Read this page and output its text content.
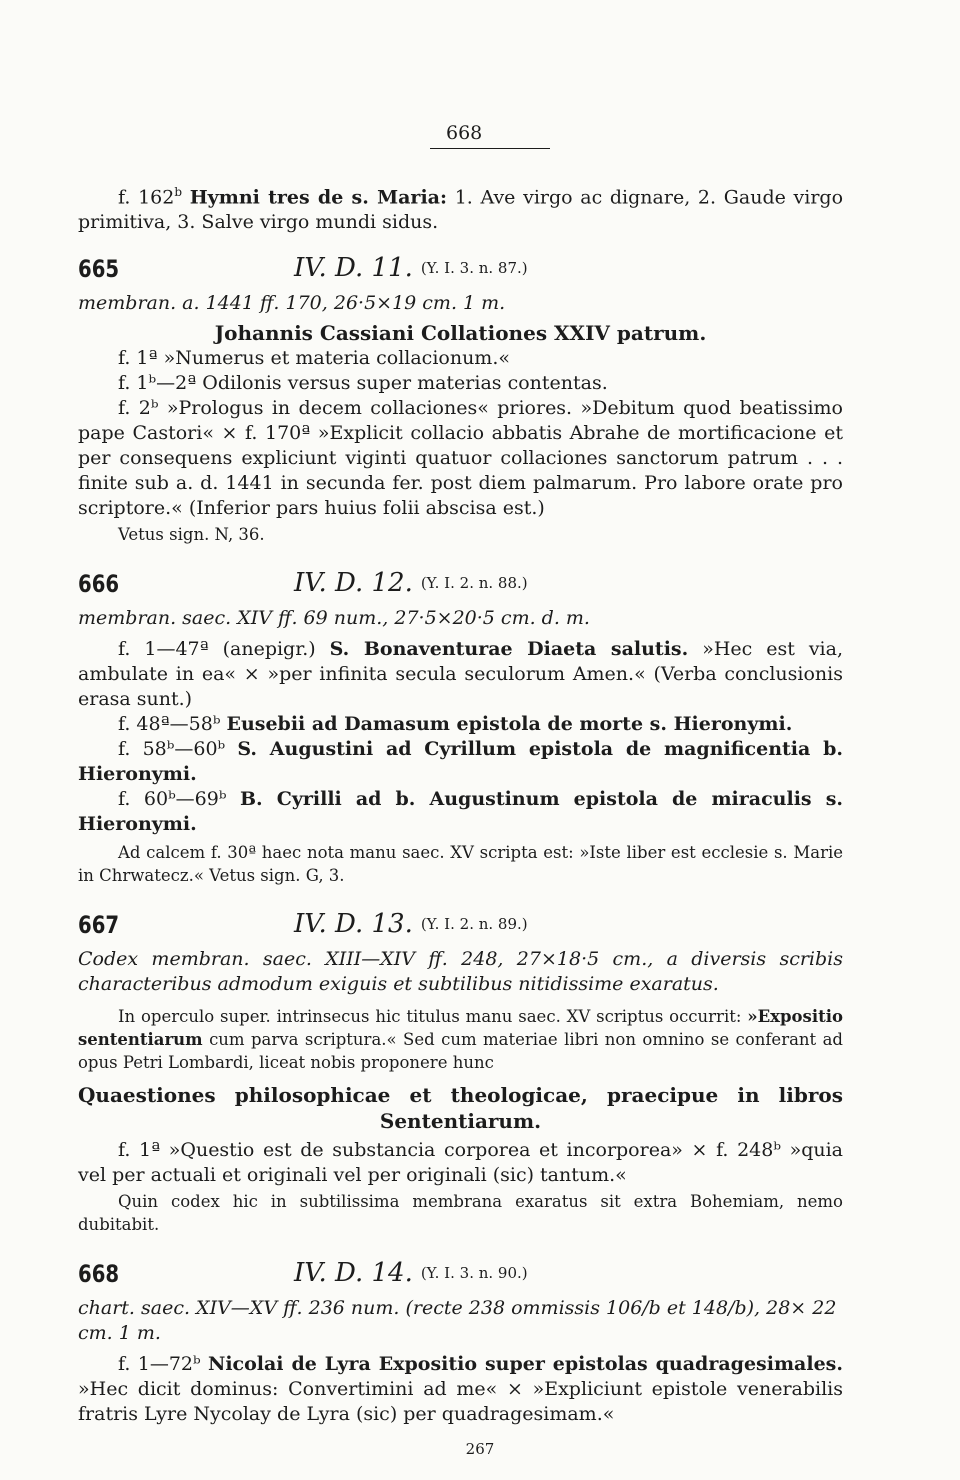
668

f. 162$^b$ Hymni tres de s. Maria: 1. Ave virgo ac dignare, 2. Gaude virgo primitiva, 3. Salve virgo mundi sidus.

665	IV. D. 11. (Y. I. 3. n. 87.)

membran. a. 1441 ff. 170, 26·5×19 cm. 1 m.

Johannis Cassiani Collationes XXIV patrum.

f. 1ª »Numerus et materia collacionum.«

f. 1ᵇ—2ª Odilonis versus super materias contentas.

f. 2ᵇ »Prologus in decem collaciones« priores. »Debitum quod beatissimo pape Castori« × f. 170ª »Explicit collacio abbatis Abrahe de mortificacione et per consequens expliciunt viginti quatuor collaciones sanctorum patrum . . . finite sub a. d. 1441 in secunda fer. post diem palmarum. Pro labore orate pro scriptore.« (Inferior pars huius folii abscisa est.)

Vetus sign. N, 36.

666	IV. D. 12. (Y. I. 2. n. 88.)

membran. saec. XIV ff. 69 num., 27·5×20·5 cm. d. m.

f. 1—47ª (anepigr.) S. Bonaventurae Diaeta salutis. »Hec est via, ambulate in ea« × »per infinita secula seculorum Amen.« (Verba conclusionis erasa sunt.)

f. 48ª—58ᵇ Eusebii ad Damasum epistola de morte s. Hieronymi.

f. 58ᵇ—60ᵇ S. Augustini ad Cyrillum epistola de magnificentia b. Hieronymi.

f. 60ᵇ—69ᵇ B. Cyrilli ad b. Augustinum epistola de miraculis s. Hieronymi.

Ad calcem f. 30ª haec nota manu saec. XV scripta est: »Iste liber est ecclesie s. Marie in Chrwatecz.« Vetus sign. G, 3.

667	IV. D. 13. (Y. I. 2. n. 89.)

Codex membran. saec. XIII—XIV ff. 248, 27×18·5 cm., a diversis scribis characteribus admodum exiguis et subtilibus nitidissime exaratus.

In operculo super. intrinsecus hic titulus manu saec. XV scriptus occurrit: »Expositio sententiarum cum parva scriptura.« Sed cum materiae libri non omnino se conferant ad opus Petri Lombardi, liceat nobis proponere hunc

Quaestiones philosophicae et theologicae, praecipue in libros Sententiarum.

f. 1ª »Questio est de substancia corporea et incorporea» × f. 248ᵇ »quia vel per actuali et originali vel per originali (sic) tantum.«

Quin codex hic in subtilissima membrana exaratus sit extra Bohemiam, nemo dubitabit.

668	IV. D. 14. (Y. I. 3. n. 90.)

chart. saec. XIV—XV ff. 236 num. (recte 238 ommissis 106/b et 148/b), 28× 22 cm. 1 m.

f. 1—72ᵇ Nicolai de Lyra Expositio super epistolas quadragesimales. »Hec dicit dominus: Convertimini ad me« × »Expliciunt epistole venerabilis fratris Lyre Nycolay de Lyra (sic) per quadragesimam.«

267
